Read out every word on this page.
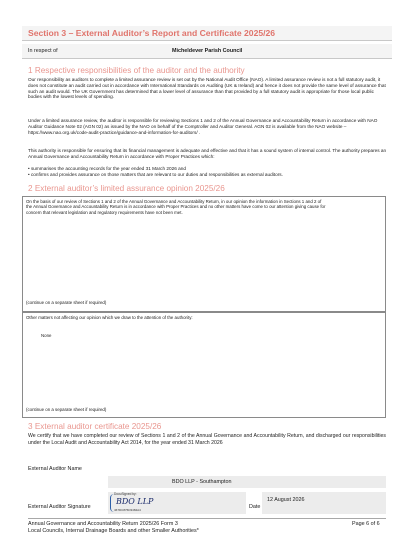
Section 3 – External Auditor’s Report and Certificate 2025/26
In respect of	Micheldever Parish Council
1 Respective responsibilities of the auditor and the authority
Our responsibility as auditors to complete a limited assurance review is set out by the National Audit Office (NAO). A limited assurance review is not a full statutory audit, it does not constitute an audit carried out in accordance with International Standards on Auditing (UK & Ireland) and hence it does not provide the same level of assurance that such an audit would. The UK Government has determined that a lower level of assurance than that provided by a full statutory audit is appropriate for those local public bodies with the lowest levels of spending.
Under a limited assurance review, the auditor is responsible for reviewing Sections 1 and 2 of the Annual Governance and Accountability Return in accordance with NAO Auditor Guidance Note 02 (AGN 02) as issued by the NAO on behalf of the Comptroller and Auditor General. AGN 02 is available from the NAO website – https://www.nao.org.uk/code-audit-practice/guidance-and-information-for-auditors/ .
This authority is responsible for ensuring that its financial management is adequate and effective and that it has a sound system of internal control. The authority prepares an Annual Governance and Accountability Return in accordance with Proper Practices which:
• summarises the accounting records for the year ended 31 March 2026 and
• confirms and provides assurance on those matters that are relevant to our duties and responsibilities as external auditors.
2 External auditor’s limited assurance opinion 2025/26
On the basis of our review of Sections 1 and 2 of the Annual Governance and Accountability Return, in our opinion the information in Sections 1 and 2 of the Annual Governance and Accountability Return is in accordance with Proper Practices and no other matters have come to our attention giving cause for concern that relevant legislation and regulatory requirements have not been met.
(continue on a separate sheet if required)
Other matters not affecting our opinion which we draw to the attention of the authority:
None
(continue on a separate sheet if required)
3 External auditor certificate 2025/26
We certify that we have completed our review of Sections 1 and 2 of the Annual Governance and Accountability Return, and discharged our responsibilities under the Local Audit and Accountability Act 2014, for the year ended 31 March 2026
External Auditor Name
BDO LLP - Southampton
External Auditor Signature
DocuSigned by:
BDO LLP
467DC876D3484A4	Date
12 August 2026
Annual Governance and Accountability Return 2025/26 Form 3
Local Councils, Internal Drainage Boards and other Smaller Authorities*
Page 6 of 6
